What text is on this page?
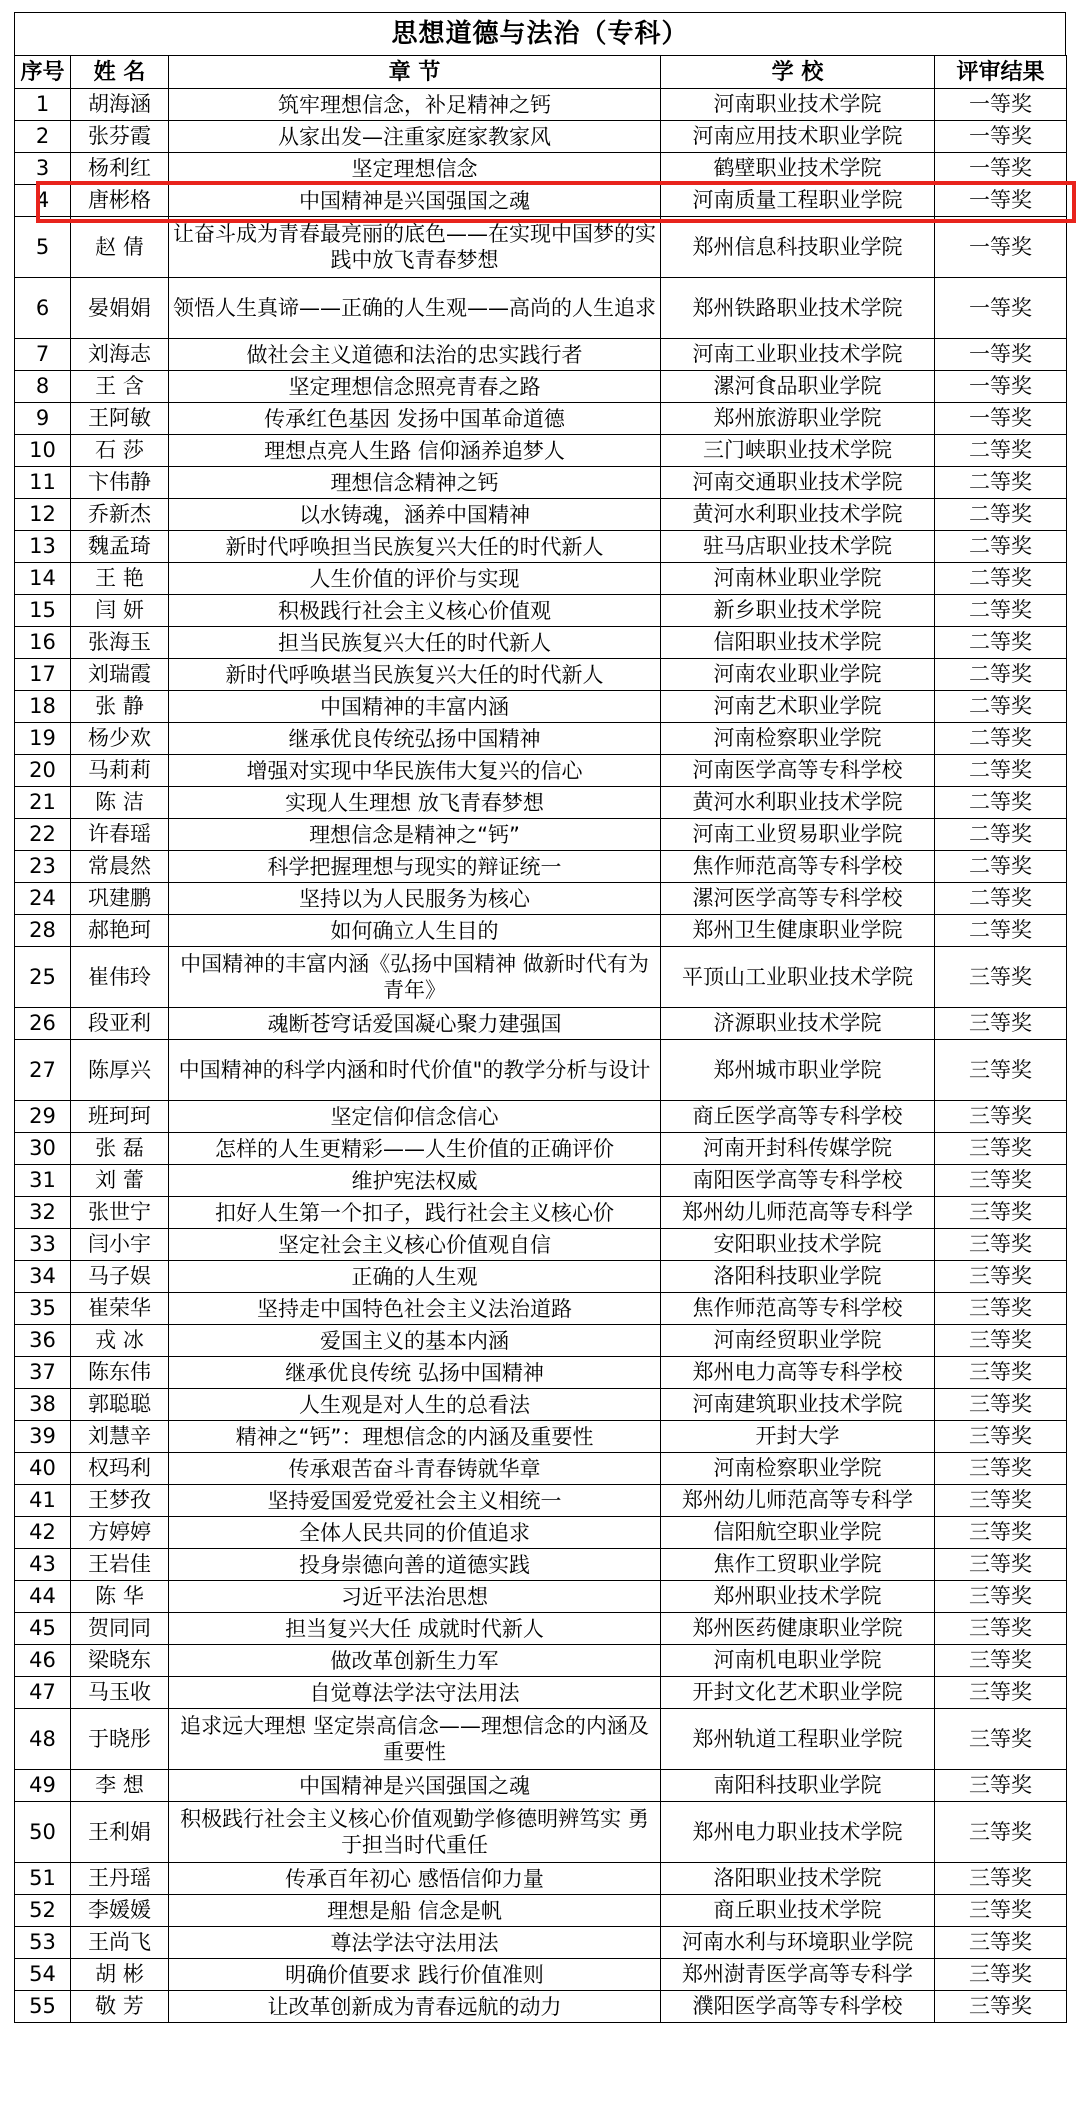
思想道德与法治（专科）
序号	姓 名	章 节	学 校	评审结果
1	胡海涵	筑牢理想信念，补足精神之钙	河南职业技术学院	一等奖
2	张芬霞	从家出发—注重家庭家教家风	河南应用技术职业学院	一等奖
3	杨利红	坚定理想信念	鹤壁职业技术学院	一等奖
4	唐彬格	中国精神是兴国强国之魂	河南质量工程职业学院	一等奖
5	赵 倩	让奋斗成为青春最亮丽的底色——在实现中国梦的实践中放飞青春梦想	郑州信息科技职业学院	一等奖
6	晏娟娟	领悟人生真谛——正确的人生观——高尚的人生追求	郑州铁路职业技术学院	一等奖
7	刘海志	做社会主义道德和法治的忠实践行者	河南工业职业技术学院	一等奖
8	王 含	坚定理想信念照亮青春之路	漯河食品职业学院	一等奖
9	王阿敏	传承红色基因 发扬中国革命道德	郑州旅游职业学院	一等奖
10	石 莎	理想点亮人生路 信仰涵养追梦人	三门峡职业技术学院	二等奖
11	卞伟静	理想信念精神之钙	河南交通职业技术学院	二等奖
12	乔新杰	以水铸魂，涵养中国精神	黄河水利职业技术学院	二等奖
13	魏孟琦	新时代呼唤担当民族复兴大任的时代新人	驻马店职业技术学院	二等奖
14	王 艳	人生价值的评价与实现	河南林业职业学院	二等奖
15	闫 妍	积极践行社会主义核心价值观	新乡职业技术学院	二等奖
16	张海玉	担当民族复兴大任的时代新人	信阳职业技术学院	二等奖
17	刘瑞霞	新时代呼唤堪当民族复兴大任的时代新人	河南农业职业学院	二等奖
18	张 静	中国精神的丰富内涵	河南艺术职业学院	二等奖
19	杨少欢	继承优良传统弘扬中国精神	河南检察职业学院	二等奖
20	马莉莉	增强对实现中华民族伟大复兴的信心	河南医学高等专科学校	二等奖
21	陈 洁	实现人生理想 放飞青春梦想	黄河水利职业技术学院	二等奖
22	许春瑶	理想信念是精神之“钙”	河南工业贸易职业学院	二等奖
23	常晨然	科学把握理想与现实的辩证统一	焦作师范高等专科学校	二等奖
24	巩建鹏	坚持以为人民服务为核心	漯河医学高等专科学校	二等奖
28	郝艳珂	如何确立人生目的	郑州卫生健康职业学院	二等奖
25	崔伟玲	中国精神的丰富内涵《弘扬中国精神 做新时代有为青年》	平顶山工业职业技术学院	三等奖
26	段亚利	魂断苍穹话爱国凝心聚力建强国	济源职业技术学院	三等奖
27	陈厚兴	中国精神的科学内涵和时代价值"的教学分析与设计	郑州城市职业学院	三等奖
29	班珂珂	坚定信仰信念信心	商丘医学高等专科学校	三等奖
30	张 磊	怎样的人生更精彩——人生价值的正确评价	河南开封科传媒学院	三等奖
31	刘 蕾	维护宪法权威	南阳医学高等专科学校	三等奖
32	张世宁	扣好人生第一个扣子，践行社会主义核心价	郑州幼儿师范高等专科学	三等奖
33	闫小宇	坚定社会主义核心价值观自信	安阳职业技术学院	三等奖
34	马子娱	正确的人生观	洛阳科技职业学院	三等奖
35	崔荣华	坚持走中国特色社会主义法治道路	焦作师范高等专科学校	三等奖
36	戎 冰	爱国主义的基本内涵	河南经贸职业学院	三等奖
37	陈东伟	继承优良传统 弘扬中国精神	郑州电力高等专科学校	三等奖
38	郭聪聪	人生观是对人生的总看法	河南建筑职业技术学院	三等奖
39	刘慧辛	精神之“钙”：理想信念的内涵及重要性	开封大学	三等奖
40	权玛利	传承艰苦奋斗青春铸就华章	河南检察职业学院	三等奖
41	王梦孜	坚持爱国爱党爱社会主义相统一	郑州幼儿师范高等专科学	三等奖
42	方婷婷	全体人民共同的价值追求	信阳航空职业学院	三等奖
43	王岩佳	投身崇德向善的道德实践	焦作工贸职业学院	三等奖
44	陈 华	习近平法治思想	郑州职业技术学院	三等奖
45	贺同同	担当复兴大任 成就时代新人	郑州医药健康职业学院	三等奖
46	梁晓东	做改革创新生力军	河南机电职业学院	三等奖
47	马玉收	自觉尊法学法守法用法	开封文化艺术职业学院	三等奖
48	于晓彤	追求远大理想 坚定崇高信念——理想信念的内涵及重要性	郑州轨道工程职业学院	三等奖
49	李 想	中国精神是兴国强国之魂	南阳科技职业学院	三等奖
50	王利娟	积极践行社会主义核心价值观勤学修德明辨笃实 勇于担当时代重任	郑州电力职业技术学院	三等奖
51	王丹瑶	传承百年初心 感悟信仰力量	洛阳职业技术学院	三等奖
52	李媛媛	理想是船 信念是帆	商丘职业技术学院	三等奖
53	王尚飞	尊法学法守法用法	河南水利与环境职业学院	三等奖
54	胡 彬	明确价值要求 践行价值准则	郑州澍青医学高等专科学	三等奖
55	敬 芳	让改革创新成为青春远航的动力	濮阳医学高等专科学校	三等奖
